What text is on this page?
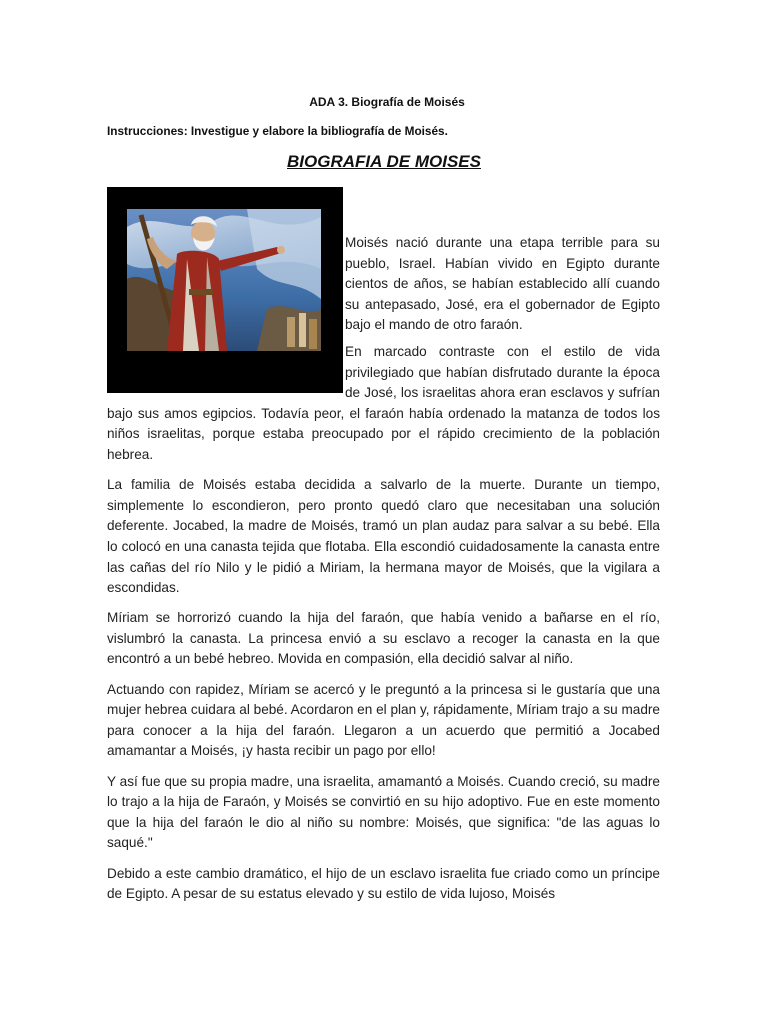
ADA 3. Biografía de Moisés
Instrucciones: Investigue y elabore la bibliografía de Moisés.
BIOGRAFIA DE MOISES

Moisés nació durante una etapa terrible para su pueblo, Israel. Habían vivido en Egipto durante cientos de años, se habían establecido allí cuando su antepasado, José, era el gobernador de Egipto bajo el mando de otro faraón.

En marcado contraste con el estilo de vida privilegiado que habían disfrutado durante la época de José, los israelitas ahora eran esclavos y sufrían bajo sus amos egipcios. Todavía peor, el faraón había ordenado la matanza de todos los niños israelitas, porque estaba preocupado por el rápido crecimiento de la población hebrea.

La familia de Moisés estaba decidida a salvarlo de la muerte. Durante un tiempo, simplemente lo escondieron, pero pronto quedó claro que necesitaban una solución deferente. Jocabed, la madre de Moisés, tramó un plan audaz para salvar a su bebé. Ella lo colocó en una canasta tejida que flotaba. Ella escondió cuidadosamente la canasta entre las cañas del río Nilo y le pidió a Miriam, la hermana mayor de Moisés, que la vigilara a escondidas.

Míriam se horrorizó cuando la hija del faraón, que había venido a bañarse en el río, vislumbró la canasta. La princesa envió a su esclavo a recoger la canasta en la que encontró a un bebé hebreo. Movida en compasión, ella decidió salvar al niño.

Actuando con rapidez, Míriam se acercó y le preguntó a la princesa si le gustaría que una mujer hebrea cuidara al bebé. Acordaron en el plan y, rápidamente, Míriam trajo a su madre para conocer a la hija del faraón. Llegaron a un acuerdo que permitió a Jocabed amamantar a Moisés, ¡y hasta recibir un pago por ello!

Y así fue que su propia madre, una israelita, amamantó a Moisés. Cuando creció, su madre lo trajo a la hija de Faraón, y Moisés se convirtió en su hijo adoptivo. Fue en este momento que la hija del faraón le dio al niño su nombre: Moisés, que significa: "de las aguas lo saqué."

Debido a este cambio dramático, el hijo de un esclavo israelita fue criado como un príncipe de Egipto. A pesar de su estatus elevado y su estilo de vida lujoso, Moisés
